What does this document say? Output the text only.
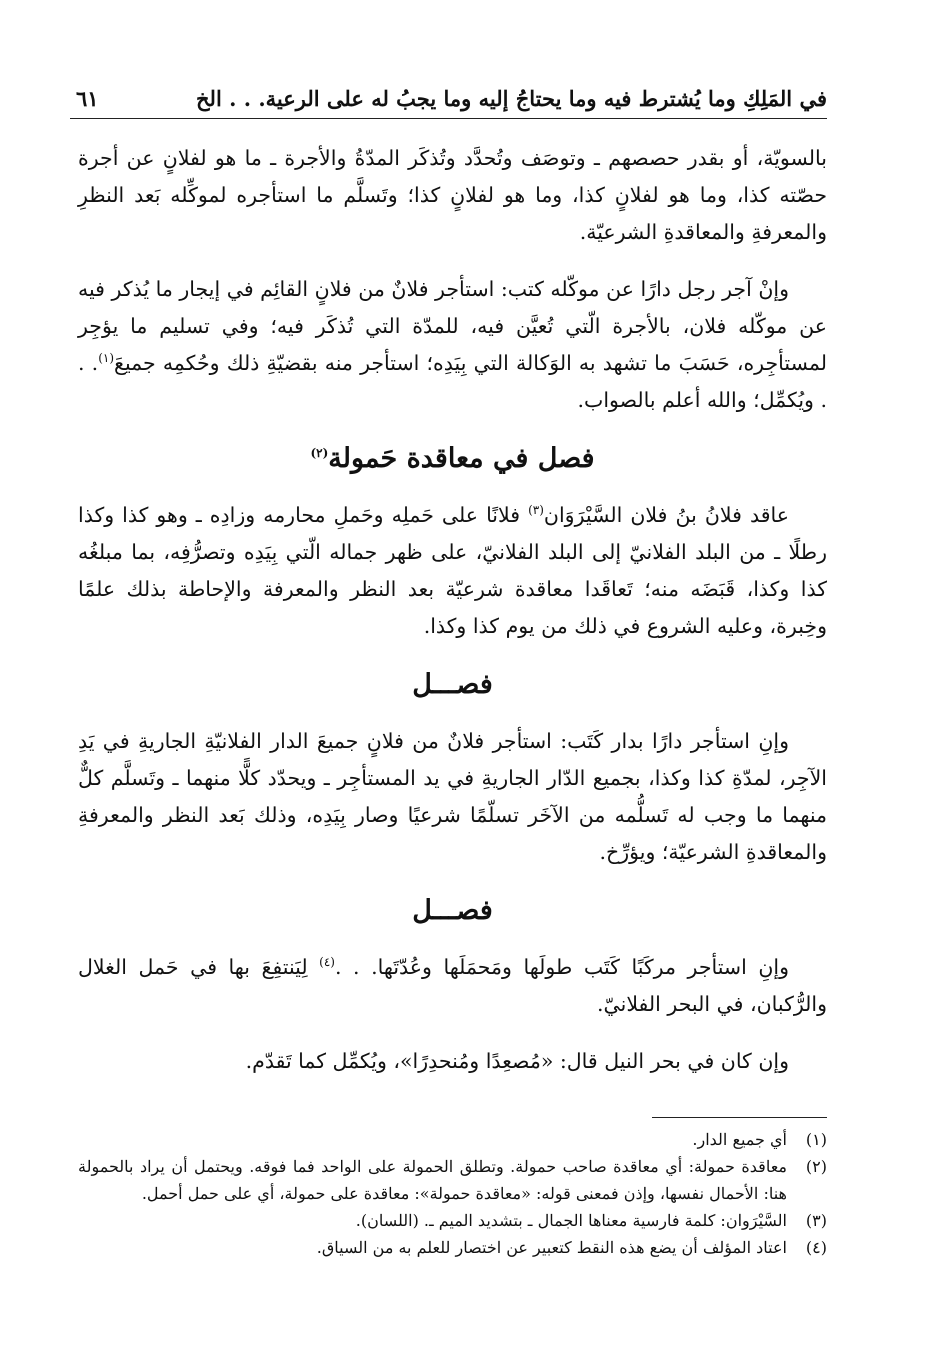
في المَلِكِ وما يُشترط فيه وما يحتاجُ إليه وما يجبُ له على الرعية. . . الخ
٦١

بالسويّة، أو بقدر حصصهم ـ وتوصَف وتُحدَّد وتُذكَر المدّةُ والأجرة ـ ما هو لفلانٍ عن أجرة حصّته كذا، وما هو لفلانٍ كذا، وما هو لفلانٍ كذا؛ وتَسلَّم ما استأجره لموكِّله بَعد النظرِ والمعرفةِ والمعاقدةِ الشرعيّة.

وإنْ آجر رجل دارًا عن موكّله كتب: استأجر فلانٌ من فلانٍ القائِم في إيجار ما يُذكر فيه عن موكّله فلان، بالأجرة الّتي تُعيَّن فيه، للمدّة التي تُذكَر فيه؛ وفي تسليم ما يؤجِر لمستأجِره، حَسَبَ ما تشهد به الوَكالة التي بِيَدِه؛ استأجر منه بقضيّةِ ذلك وحُكمِه جميعَ$^{(١)}$. . . ويُكمِّل؛ والله أعلم بالصواب.

فصل في معاقدة حَمولة$^{(٢)}$

عاقد فلانُ بنُ فلان السَّيْرَوَان$^{(٣)}$ فلانًا على حَملِه وحَملِ محارمه وزادِه ـ وهو كذا وكذا رطلًا ـ من البلد الفلانيّ إلى البلد الفلانيّ، على ظهر جماله الّتي بِيَدِه وتصرُّفِه، بما مبلغُه كذا وكذا، قَبَضَه منه؛ تَعاقَدا معاقدة شرعيّة بعد النظر والمعرفة والإحاطة بذلك علمًا وخِبرة، وعليه الشروع في ذلك من يوم كذا وكذا.

فصـــل

وإنِ استأجر دارًا بدار كَتَب: استأجر فلانٌ من فلانٍ جميعَ الدار الفلانيّةِ الجاريةِ في يَدِ الآجِر، لمدّةِ كذا وكذا، بجميع الدّار الجاريةِ في يد المستأجِر ـ ويحدّد كلًّا منهما ـ وتَسلَّم كلٌّ منهما ما وجب له تَسلُّمه من الآخَر تسلّمًا شرعيًا وصار بِيَدِه، وذلك بَعد النظر والمعرفةِ والمعاقدةِ الشرعيّة؛ ويؤرِّخ.

فصـــل

وإنِ استأجر مركَبًا كَتَب طولَها ومَحمَلَها وعُدّتَها. . .$^{(٤)}$ لِيَنتفِعَ بها في حَمل الغلال والرُّكبان، في البحر الفلانيّ.

وإن كان في بحر النيل قال: «مُصعِدًا ومُنحدِرًا»، ويُكمِّل كما تَقدّم.

(١)
أي جميع الدار.
(٢)
معاقدة حمولة: أي معاقدة صاحب حمولة. وتطلق الحمولة على الواحد فما فوقه. ويحتمل أن يراد بالحمولة هنا: الأحمال نفسها، وإذن فمعنى قوله: «معاقدة حمولة»: معاقدة على حمولة، أي على حمل أحمل.
(٣)
السَّيْرَوان: كلمة فارسية معناها الجمال ـ بتشديد الميم ـ. (اللسان).
(٤)
اعتاد المؤلف أن يضع هذه النقط كتعبير عن اختصار للعلم به من السياق.
